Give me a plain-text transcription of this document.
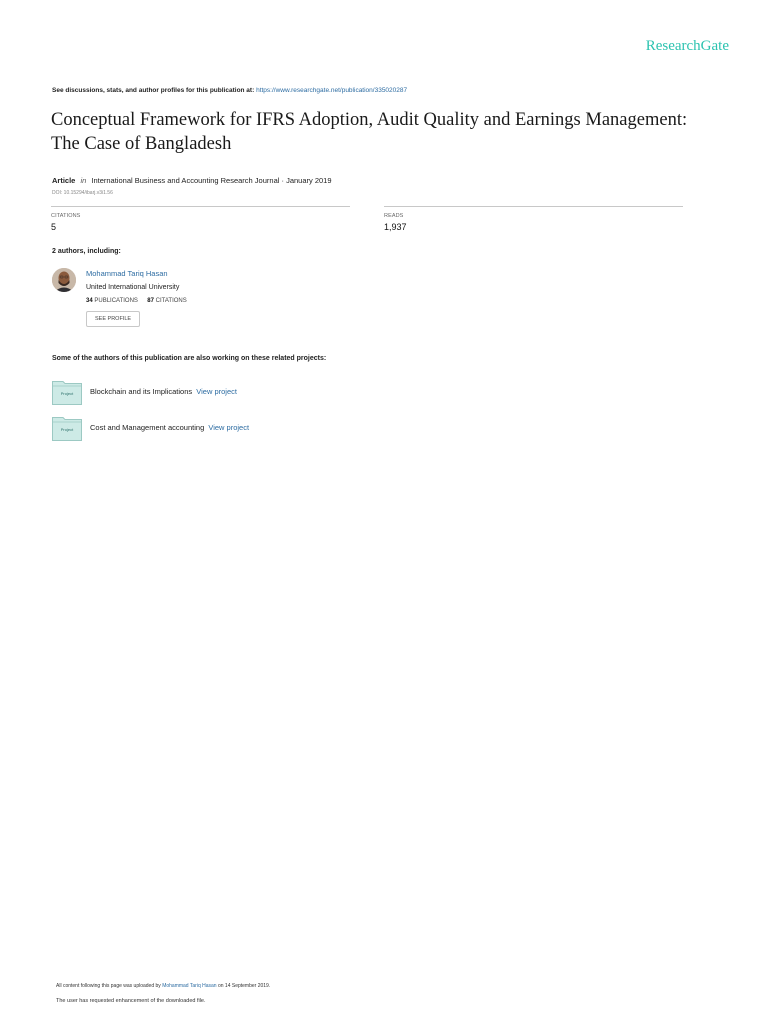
ResearchGate
See discussions, stats, and author profiles for this publication at: https://www.researchgate.net/publication/335020287
Conceptual Framework for IFRS Adoption, Audit Quality and Earnings Management: The Case of Bangladesh
Article in International Business and Accounting Research Journal · January 2019
DOI: 10.15294/ibarj.v3i1.56
CITATIONS
5
READS
1,937
2 authors, including:
Mohammad Tariq Hasan
United International University
34 PUBLICATIONS 87 CITATIONS
SEE PROFILE
Some of the authors of this publication are also working on these related projects:
Project	Blockchain and its Implications View project
Project	Cost and Management accounting View project
All content following this page was uploaded by Mohammad Tariq Hasan on 14 September 2019.
The user has requested enhancement of the downloaded file.
